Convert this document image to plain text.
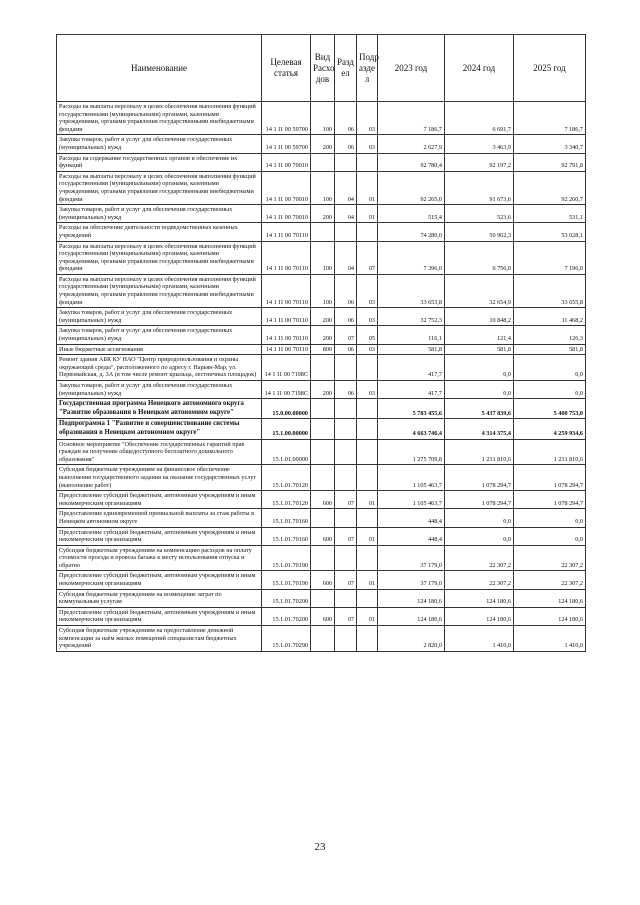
Наименование	Целевая статья	Вид Расхо дов	Разд ел	Подр азде л	2023 год	2024 год	2025 год
Расходы на выплаты персоналу в целях обеспечения выполнения функций государственными (муниципальными) органами, казенными учреждениями, органами управления государственными внебюджетными фондами	14 1 I1 00 59700	100	06	03	7 186,7	6 691,7	7 186,7
Закупка товаров, работ и услуг для обеспечения государственных (муниципальных) нужд	14 1 I1 00 59700	200	06	03	2 627,9	3 463,9	3 340,7
Расходы на содержание государственных органов и обеспечение их функций	14 1 I1 00 70010				92 780,4	92 197,2	92 791,8
Расходы на выплаты персоналу в целях обеспечения выполнения функций государственными (муниципальными) органами, казенными учреждениями, органами управления государственными внебюджетными фондами	14 1 I1 00 70010	100	04	01	92 265,0	91 673,6	92 260,7
Закупка товаров, работ и услуг для обеспечения государственных (муниципальных) нужд	14 1 I1 00 70010	200	04	01	515,4	523,6	531,1
Расходы на обеспечение деятельности подведомственных казенных учреждений	14 1 I1 00 70110				74 280,0	50 962,3	53 028,1
Расходы на выплаты персоналу в целях обеспечения выполнения функций государственными (муниципальными) органами, казенными учреждениями, органами управления государственными внебюджетными фондами	14 1 I1 00 70110	100	04	07	7 396,0	6 756,0	7 196,0
Расходы на выплаты персоналу в целях обеспечения выполнения функций государственными (муниципальными) органами, казенными учреждениями, органами управления государственными внебюджетными фондами	14 1 I1 00 70110	100	06	03	33 653,8	32 654,9	33 655,8
Закупка товаров, работ и услуг для обеспечения государственных (муниципальных) нужд	14 1 I1 00 70110	200	06	03	32 752,3	10 848,2	11 468,2
Закупка товаров, работ и услуг для обеспечения государственных (муниципальных) нужд	14 1 I1 00 70110	200	07	05	116,1	121,4	126,3
Иные бюджетные ассигнования	14 1 I1 00 70110	800	06	03	581,8	581,8	581,8
Ремонт здания АБК КУ НАО "Центр природопользования и охраны окружающей среды", расположенного по адресу г. Нарьян-Мар, ул. Первомайская, д. 3А (в том числе ремонт крыльца, лестничных площадок)	14 1 I1 00 7198C				417,7	0,0	0,0
Закупка товаров, работ и услуг для обеспечения государственных (муниципальных) нужд	14 1 I1 00 7198C	200	06	03	417,7	0,0	0,0
Государственная программа Ненецкого автономного округа "Развитие образования в Ненецком автономном округе"	15.0.00.00000				5 783 455,6	5 437 839,6	5 400 753,0
Подпрограмма 1 "Развитие и совершенствование системы образования в Ненецком автономном округе"	15.1.00.00000				4 663 746,4	4 314 375,4	4 259 934,6
Основное мероприятие "Обеспечение государственных гарантий прав граждан на получение общедоступного бесплатного дошкольного образования"	15.1.01.00000				1 275 709,8	1 231 810,6	1 231 810,6
Субсидия бюджетным учреждениям на финансовое обеспечение выполнения государственного задания на оказание государственных услуг (выполнение работ)	15.1.01.70120				1 105 463,7	1 078 294,7	1 078 294,7
Предоставление субсидий бюджетным, автономным учреждениям и иным некоммерческим организациям	15.1.01.70120	600	07	01	1 105 463,7	1 078 294,7	1 078 294,7
Предоставление единовременной премиальной выплаты за стаж работы в Ненецком автономном округе	15.1.01.70160				448,4	0,0	0,0
Предоставление субсидий бюджетным, автономным учреждениям и иным некоммерческим организациям	15.1.01.70160	600	07	01	448,4	0,0	0,0
Субсидия бюджетным учреждениям на компенсацию расходов на оплату стоимости проезда и провоза багажа к месту использования отпуска и обратно	15.1.01.70190				37 179,0	22 307,2	22 307,2
Предоставление субсидий бюджетным, автономным учреждениям и иным некоммерческим организациям	15.1.01.70190	600	07	01	37 179,0	22 307,2	22 307,2
Субсидия бюджетным учреждениям на возмещение затрат по коммунальным услугам	15.1.01.70200				124 180,6	124 180,6	124 180,6
Предоставление субсидий бюджетным, автономным учреждениям и иным некоммерческим организациям	15.1.01.70200	600	07	01	124 180,6	124 180,6	124 180,6
Субсидия бюджетным учреждениям на предоставление денежной компенсации за наём жилых помещений специалистам бюджетных учреждений	15.1.01.70290				2 820,0	1 410,0	1 410,0
23
